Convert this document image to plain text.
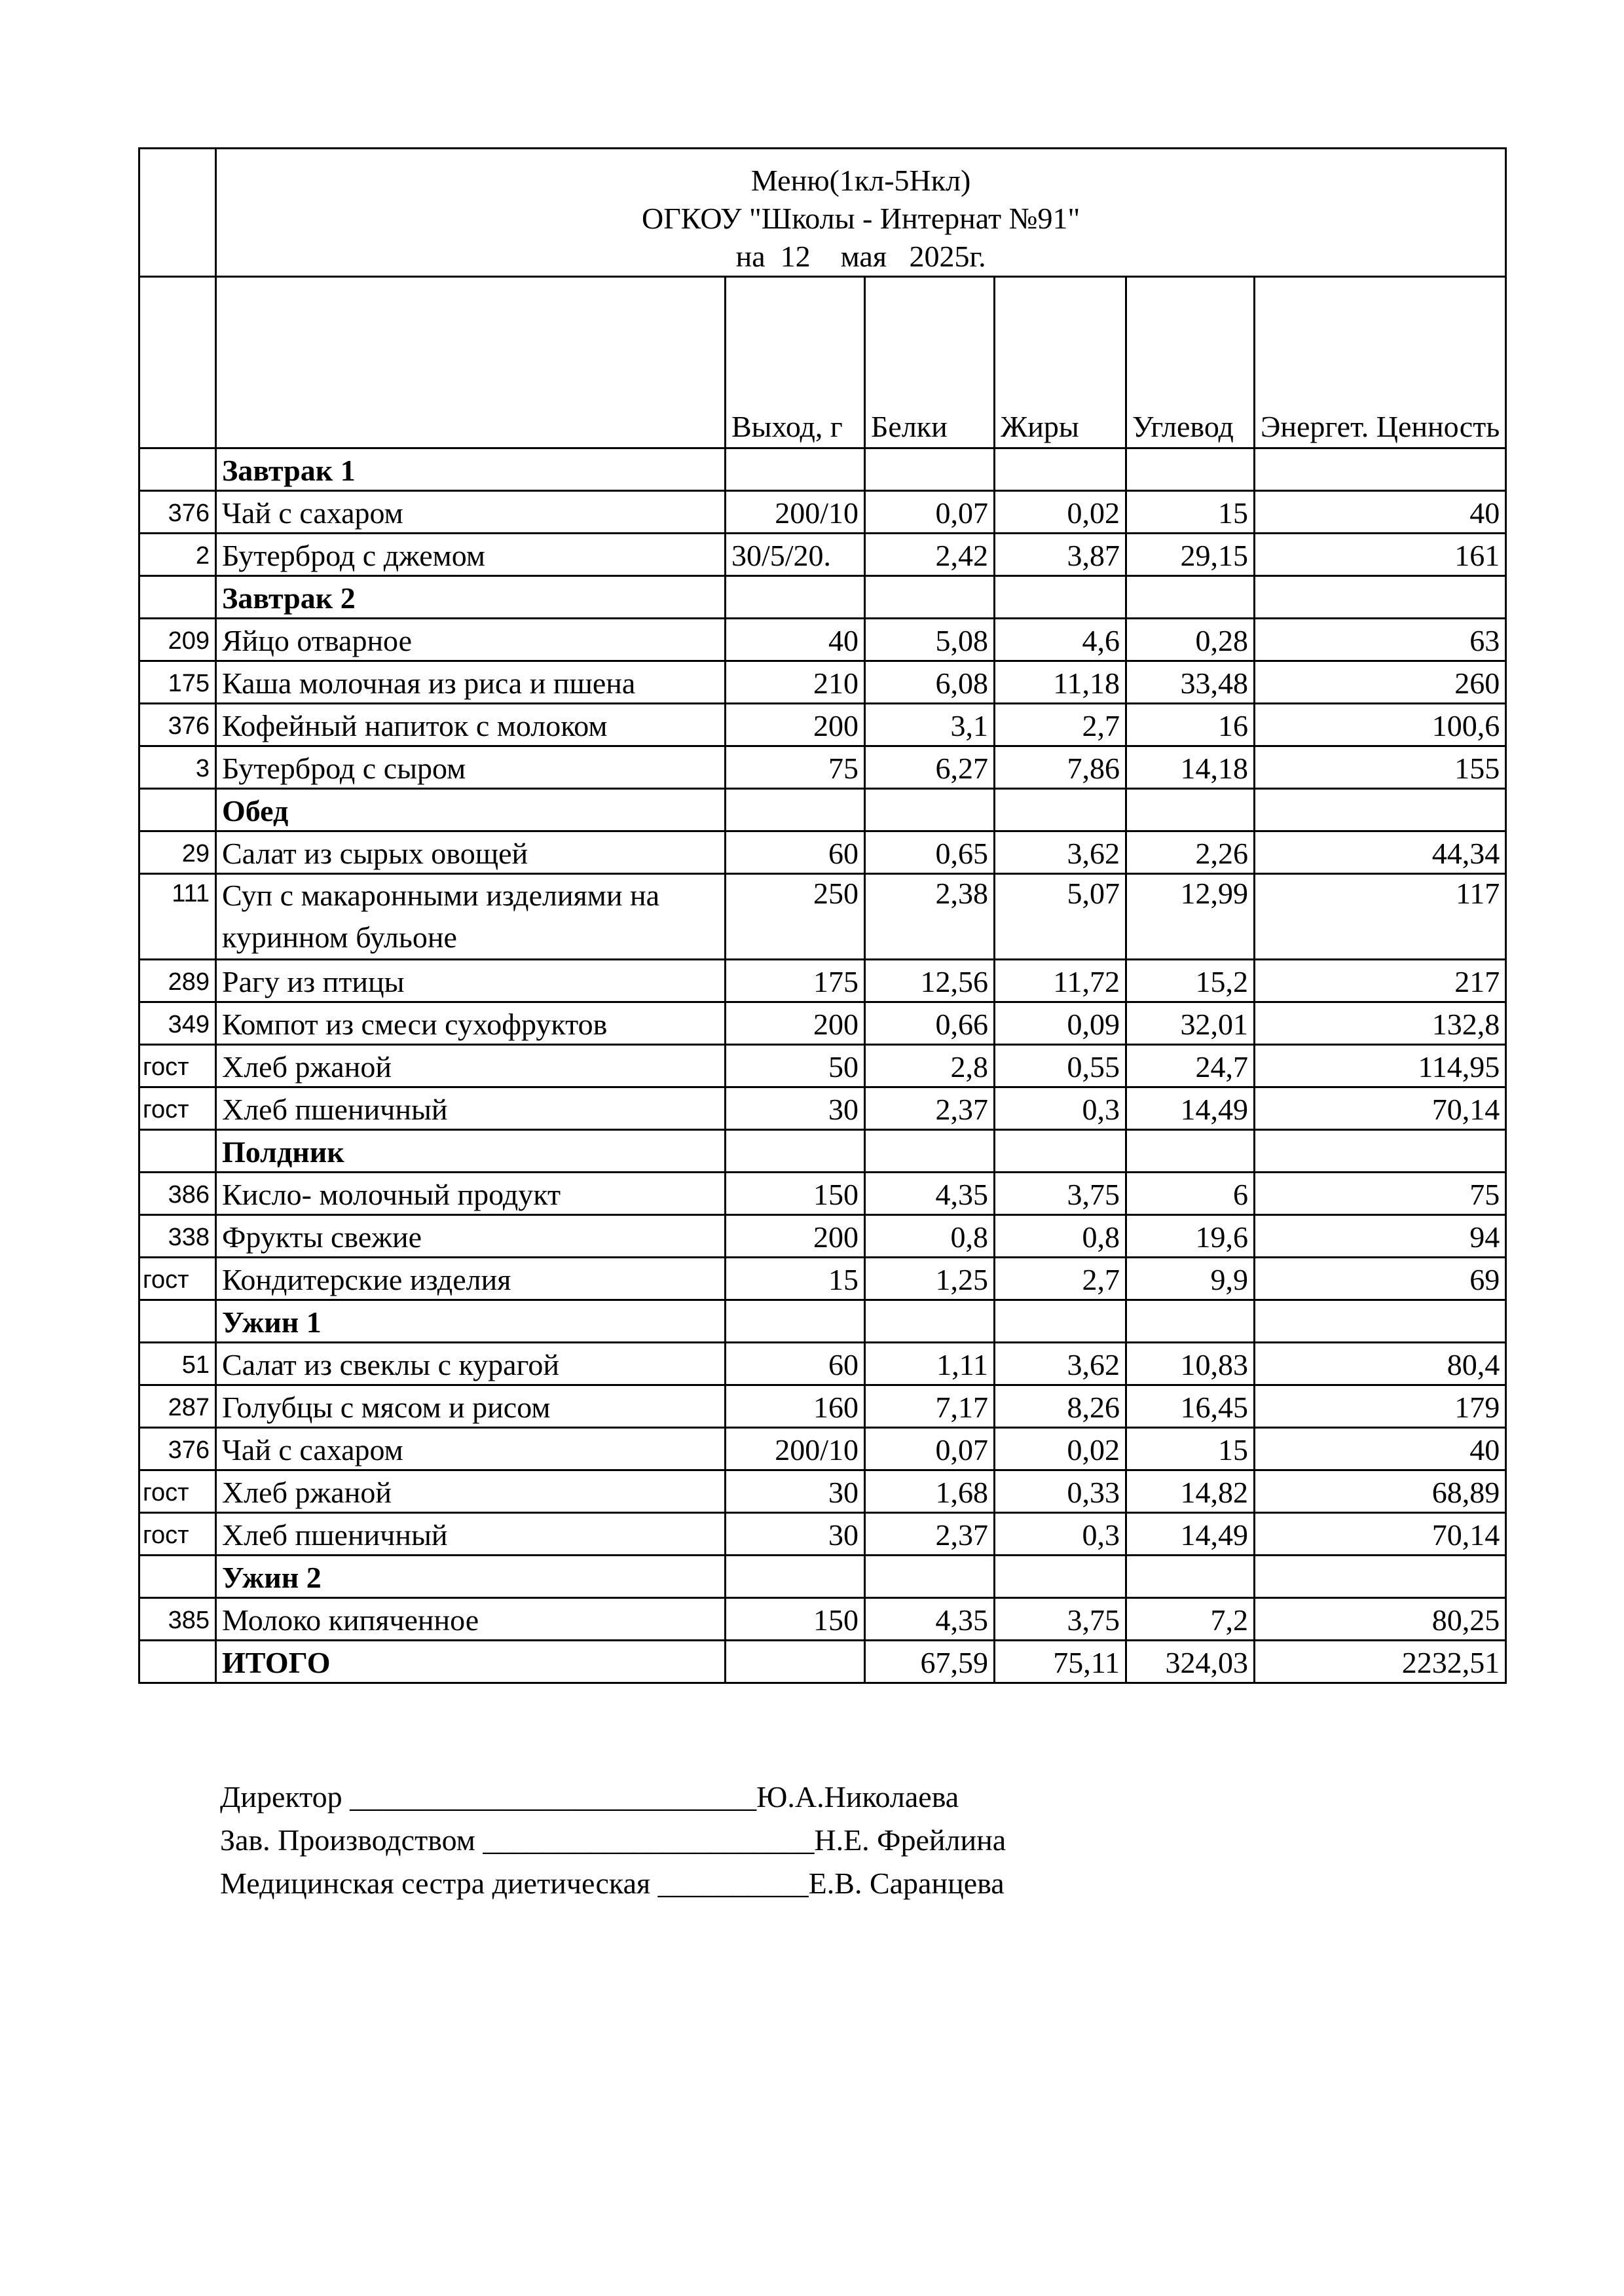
	Меню(1кл-5Нкл)
ОГКОУ "Школы - Интернат №91"
на  12    мая   2025г.					

		Выход, г	Белки	Жиры	Углевод	Энергет. Ценность
	Завтрак 1					
376	Чай с сахаром	200/10	0,07	0,02	15	40
2	Бутерброд с джемом	30/5/20.	2,42	3,87	29,15	161
	Завтрак 2					
209	Яйцо отварное	40	5,08	4,6	0,28	63
175	Каша молочная из риса и пшена	210	6,08	11,18	33,48	260
376	Кофейный напиток с молоком	200	3,1	2,7	16	100,6
3	Бутерброд с сыром	75	6,27	7,86	14,18	155
	Обед					
29	Салат из сырых овощей	60	0,65	3,62	2,26	44,34
111	Суп с макаронными изделиями на куринном бульоне	250	2,38	5,07	12,99	117
289	Рагу из птицы	175	12,56	11,72	15,2	217
349	Компот из смеси сухофруктов	200	0,66	0,09	32,01	132,8
гост	Хлеб ржаной	50	2,8	0,55	24,7	114,95
гост	Хлеб пшеничный	30	2,37	0,3	14,49	70,14
	Полдник					
386	Кисло- молочный продукт	150	4,35	3,75	6	75
338	Фрукты свежие	200	0,8	0,8	19,6	94
гост	Кондитерские изделия	15	1,25	2,7	9,9	69
	Ужин 1					
51	Салат из свеклы с курагой	60	1,11	3,62	10,83	80,4
287	Голубцы с мясом и рисом	160	7,17	8,26	16,45	179
376	Чай с сахаром	200/10	0,07	0,02	15	40
гост	Хлеб ржаной	30	1,68	0,33	14,82	68,89
гост	Хлеб пшеничный	30	2,37	0,3	14,49	70,14
	Ужин 2					
385	Молоко кипяченное	150	4,35	3,75	7,2	80,25
	ИТОГО		67,59	75,11	324,03	2232,51
Директор ___________________________Ю.А.Николаева
Зав. Производством ______________________Н.Е. Фрейлина
Медицинская сестра диетическая __________Е.В. Саранцева
